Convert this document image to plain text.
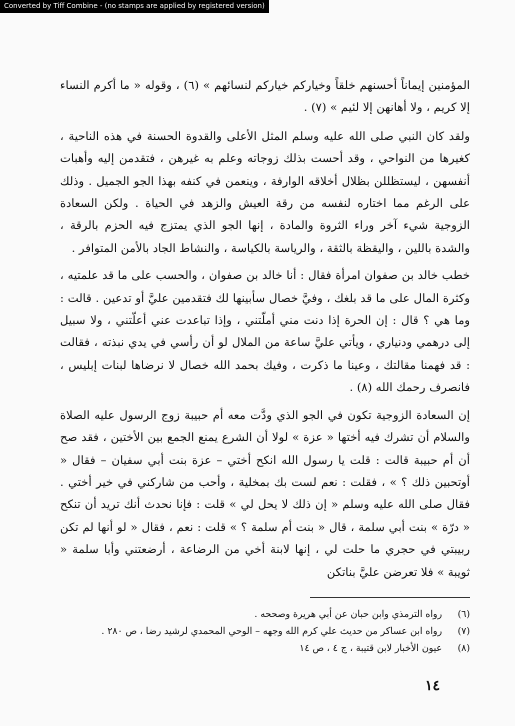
Converted by Tiff Combine - (no stamps are applied by registered version)
​

المؤمنين إيماناً أحسنهم خلقاً وخياركم خياركم لنسائهم » (٦) ، وقوله « ما أكرم النساء إلا كريم ، ولا أهانهن إلا لئيم » (٧) .

ولقد كان النبي صلى الله عليه وسلم المثل الأعلى والقدوة الحسنة في هذه الناحية ، كغيرها من النواحي ، وقد أحست بذلك زوجاته وعلم به غيرهن ، فتقدمن إليه وأهبات أنفسهن ، ليستظللن بظلال أخلاقه الوارفة ، وينعمن في كنفه بهذا الجو الجميل . وذلك على الرغم مما اختاره لنفسه من رقة العيش والزهد في الحياة . ولكن السعادة الزوجية شيء آخر وراء الثروة والمادة ، إنها الجو الذي يمتزج فيه الحزم بالرقة ، والشدة باللين ، واليقظة بالثقة ، والرياسة بالكياسة ، والنشاط الجاد بالأمن المتوافر .

خطب خالد بن صفوان امرأة فقال : أنا خالد بن صفوان ، والحسب على ما قد علمتيه ، وكثرة المال على ما قد بلغك ، وفيَّ خصال سأبينها لك فتقدمين عليَّ أو تدعين . قالت : وما هي ؟ قال : إن الحرة إذا دنت مني أملّتني ، وإذا تباعدت عني أعلّتني ، ولا سبيل إلى درهمي ودنياري ، ويأتي عليَّ ساعة من الملال لو أن رأسي في يدي نبذته ، فقالت : قد فهمنا مقالتك ، وعينا ما ذكرت ، وفيك بحمد الله خصال لا نرضاها لبنات إبليس ، فانصرف رحمك الله (٨) .

إن السعادة الزوجية تكون في الجو الذي ودَّت معه أم حبيبة زوج الرسول عليه الصلاة والسلام أن تشرك فيه أختها « عزة » لولا أن الشرع يمنع الجمع بين الأختين ، فقد صح أن أم حبيبة قالت : قلت يا رسول الله انكح أختي – عزة بنت أبي سفيان – فقال « أوتحبين ذلك ؟ » ، فقلت : نعم لست بك بمخلية ، وأحب من شاركني في خير أختي . فقال صلى الله عليه وسلم « إن ذلك لا يحل لي » قلت : فإنا نحدث أنك تريد أن تنكح « درّة » بنت أبي سلمة ، قال « بنت أم سلمة ؟ » قلت : نعم ، فقال « لو أنها لم تكن ربيبتي في حجري ما حلت لي ، إنها لابنة أخي من الرضاعة ، أرضعتني وأبا سلمة « ثويبة » فلا تعرضن عليَّ بناتكن

(٦)
رواه الترمذي وابن حبان عن أبي هريرة وصححه .
(٧)
رواه ابن عساكر من حديث علي كرم الله وجهه – الوحي المحمدي لرشيد رضا ، ص ٢٨٠ .
(٨)
عيون الأخبار لابن قتيبة ، ج ٤ ، ص ١٤
١٤
